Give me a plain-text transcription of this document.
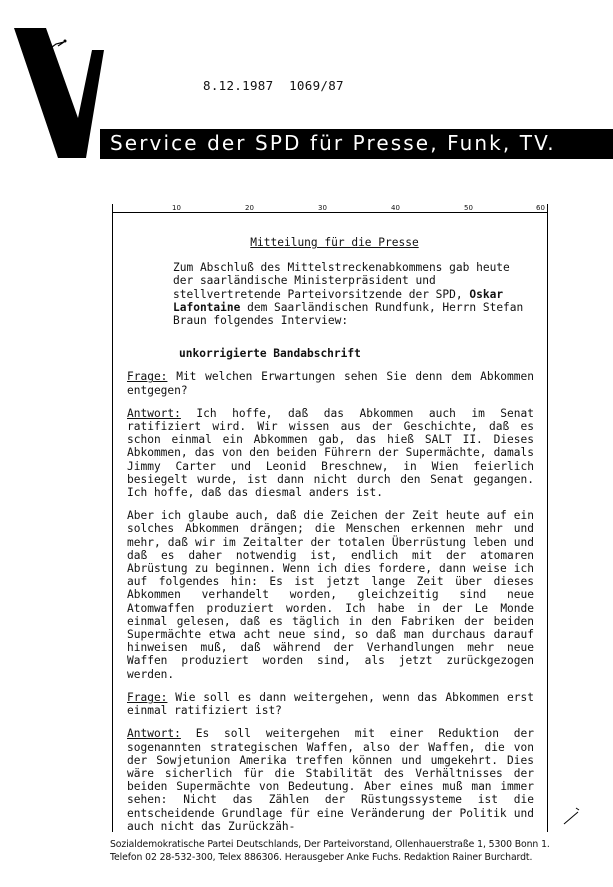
8.12.1987 1069/87
Service der SPD für Presse, Funk, TV.
10	20	30	40	50	60
Mitteilung für die Presse
Zum Abschluß des Mittelstreckenabkommens gab heute der saarländische Ministerpräsident und stellvertretende Parteivorsitzende der SPD, Oskar Lafontaine dem Saarländischen Rundfunk, Herrn Stefan Braun folgendes Interview:
unkorrigierte Bandabschrift
Frage: Mit welchen Erwartungen sehen Sie denn dem Abkommen entgegen?
Antwort: Ich hoffe, daß das Abkommen auch im Senat ratifiziert wird. Wir wissen aus der Geschichte, daß es schon einmal ein Abkommen gab, das hieß SALT II. Dieses Abkommen, das von den beiden Führern der Supermächte, damals Jimmy Carter und Leonid Breschnew, in Wien feierlich besiegelt wurde, ist dann nicht durch den Senat gegangen. Ich hoffe, daß das diesmal anders ist.
Aber ich glaube auch, daß die Zeichen der Zeit heute auf ein solches Abkommen drängen; die Menschen erkennen mehr und mehr, daß wir im Zeitalter der totalen Überrüstung leben und daß es daher notwendig ist, endlich mit der atomaren Abrüstung zu beginnen. Wenn ich dies fordere, dann weise ich auf folgendes hin: Es ist jetzt lange Zeit über dieses Abkommen verhandelt worden, gleichzeitig sind neue Atomwaffen produziert worden. Ich habe in der Le Monde einmal gelesen, daß es täglich in den Fabriken der beiden Supermächte etwa acht neue sind, so daß man durchaus darauf hinweisen muß, daß während der Verhandlungen mehr neue Waffen produziert worden sind, als jetzt zurückgezogen werden.
Frage: Wie soll es dann weitergehen, wenn das Abkommen erst einmal ratifiziert ist?
Antwort: Es soll weitergehen mit einer Reduktion der sogenannten strategischen Waffen, also der Waffen, die von der Sowjetunion Amerika treffen können und umgekehrt. Dies wäre sicherlich für die Stabilität des Verhältnisses der beiden Supermächte von Bedeutung. Aber eines muß man immer sehen: Nicht das Zählen der Rüstungssysteme ist die entscheidende Grundlage für eine Veränderung der Politik und auch nicht das Zurückzäh-
Sozialdemokratische Partei Deutschlands, Der Parteivorstand, Ollenhauerstraße 1, 5300 Bonn 1.
Telefon 02 28-532-300, Telex 886306. Herausgeber Anke Fuchs. Redaktion Rainer Burchardt.
